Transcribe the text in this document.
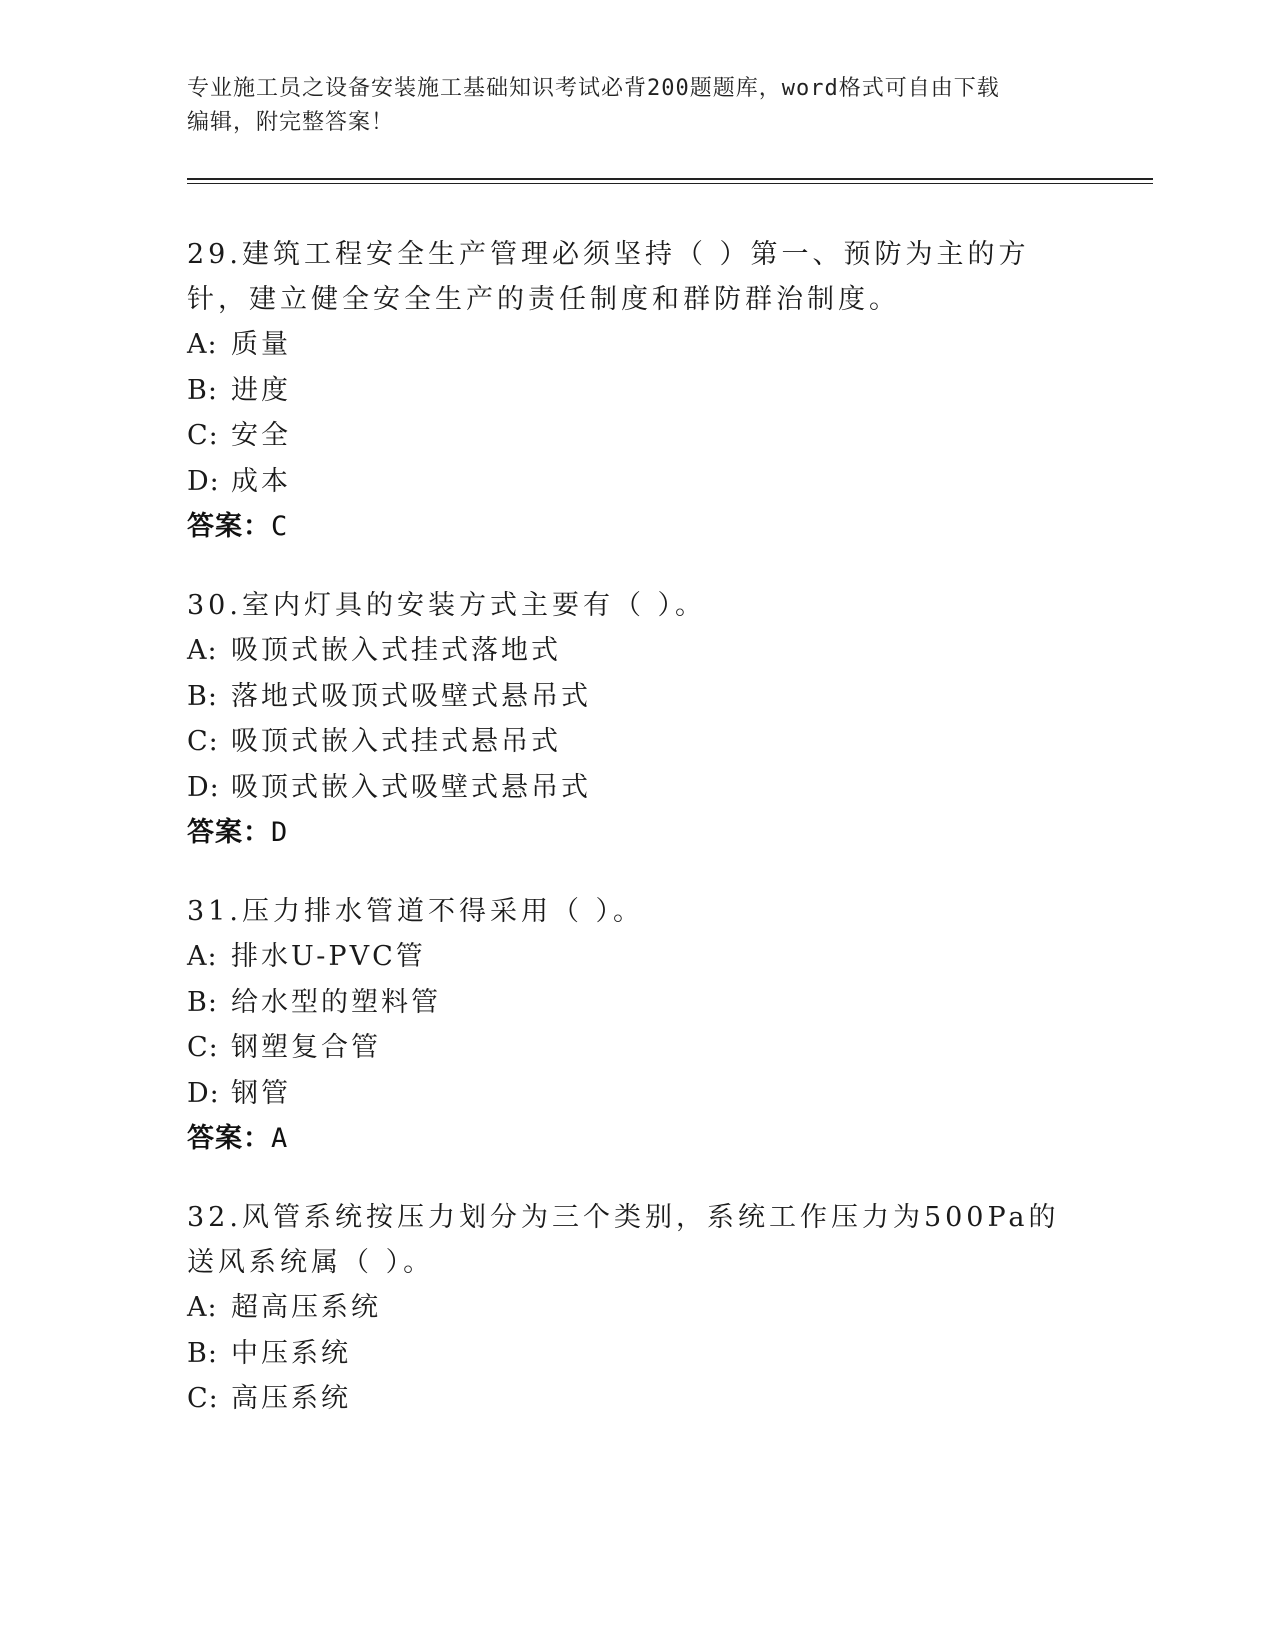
专业施工员之设备安装施工基础知识考试必背200题题库，word格式可自由下载
编辑，附完整答案！
29.建筑工程安全生产管理必须坚持（ ）第一、预防为主的方针，建立健全安全生产的责任制度和群防群治制度。
A: 质量
B: 进度
C: 安全
D: 成本
答案：C
30.室内灯具的安装方式主要有（ ）。
A: 吸顶式嵌入式挂式落地式
B: 落地式吸顶式吸壁式悬吊式
C: 吸顶式嵌入式挂式悬吊式
D: 吸顶式嵌入式吸壁式悬吊式
答案：D
31.压力排水管道不得采用（ ）。
A: 排水U-PVC管
B: 给水型的塑料管
C: 钢塑复合管
D: 钢管
答案：A
32.风管系统按压力划分为三个类别，系统工作压力为500Pa的送风系统属（ ）。
A: 超高压系统
B: 中压系统
C: 高压系统
